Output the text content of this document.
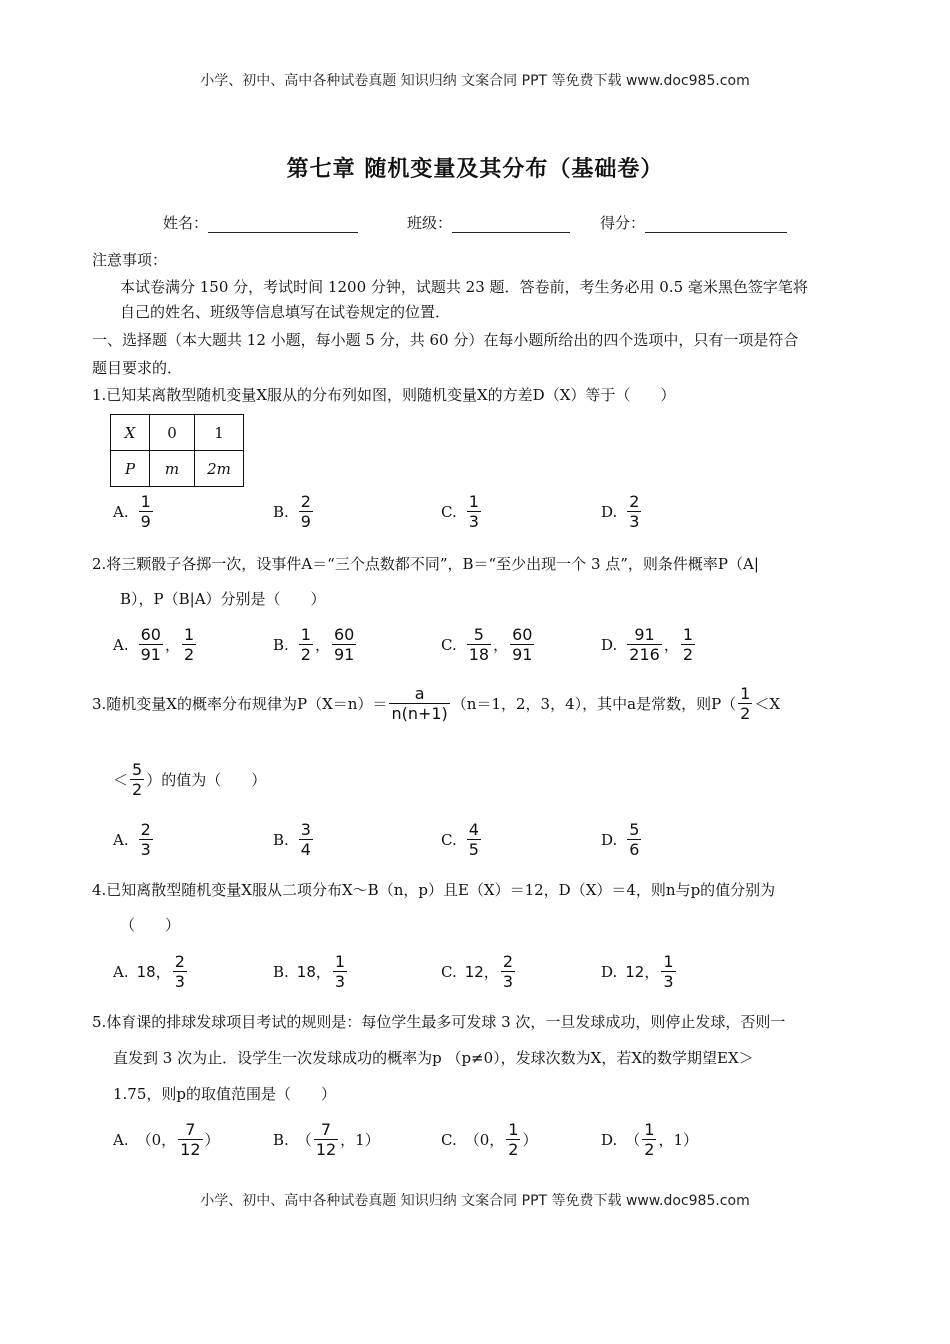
小学、初中、高中各种试卷真题 知识归纳 文案合同 PPT 等免费下载 www.doc985.com
第七章 随机变量及其分布（基础卷）
姓名：	班级：	得分：
注意事项：
本试卷满分 150 分，考试时间 1200 分钟，试题共 23 题．答卷前，考生务必用 0.5 毫米黑色签字笔将
自己的姓名、班级等信息填写在试卷规定的位置．
一、选择题（本大题共 12 小题，每小题 5 分，共 60 分）在每小题所给出的四个选项中，只有一项是符合
题目要求的．
1.已知某离散型随机变量X服从的分布列如图，则随机变量X的方差D（X）等于（　　）
X	0	1
P	m	2m
A. $\frac{1}{9}$	B. $\frac{2}{9}$	C. $\frac{1}{3}$	D. $\frac{2}{3}$
2.将三颗骰子各掷一次，设事件A＝“三个点数都不同”，B＝“至少出现一个 3 点”，则条件概率P（A|
B），P（B|A）分别是（　　）
A. $\frac{60}{91}$ ， $\frac{1}{2}$	B. $\frac{1}{2}$ ， $\frac{60}{91}$	C. $\frac{5}{18}$ ， $\frac{60}{91}$	D. $\frac{91}{216}$ ， $\frac{1}{2}$
3.随机变量X的概率分布规律为$P(X=n)= \frac{a}{n(n+1)} (n=1$，2，3，4），其中a是常数，则$P( \frac{1}{2} <X$
＜ $\frac{5}{2}$ ）的值为（　　）
A. $\frac{2}{3}$	B. $\frac{3}{4}$	C. $\frac{4}{5}$	D. $\frac{5}{6}$
4.已知离散型随机变量X服从二项分布X～B（n，p）且E（X）＝12，D（X）＝4，则n与p的值分别为
（　　）
A. 18， $\frac{2}{3}$	B. 18， $\frac{1}{3}$	C. 12， $\frac{2}{3}$	D. 12， $\frac{1}{3}$
5.体育课的排球发球项目考试的规则是：每位学生最多可发球 3 次，一旦发球成功，则停止发球，否则一
直发到 3 次为止．设学生一次发球成功的概率为p （p≠0），发球次数为X，若X的数学期望EX＞
1.75，则p的取值范围是（　　）
A. （0， $\frac{7}{12}$ ）	B. （ $\frac{7}{12}$ ，1）	C. （0， $\frac{1}{2}$ ）	D. （ $\frac{1}{2}$ ，1）
小学、初中、高中各种试卷真题 知识归纳 文案合同 PPT 等免费下载 www.doc985.com
